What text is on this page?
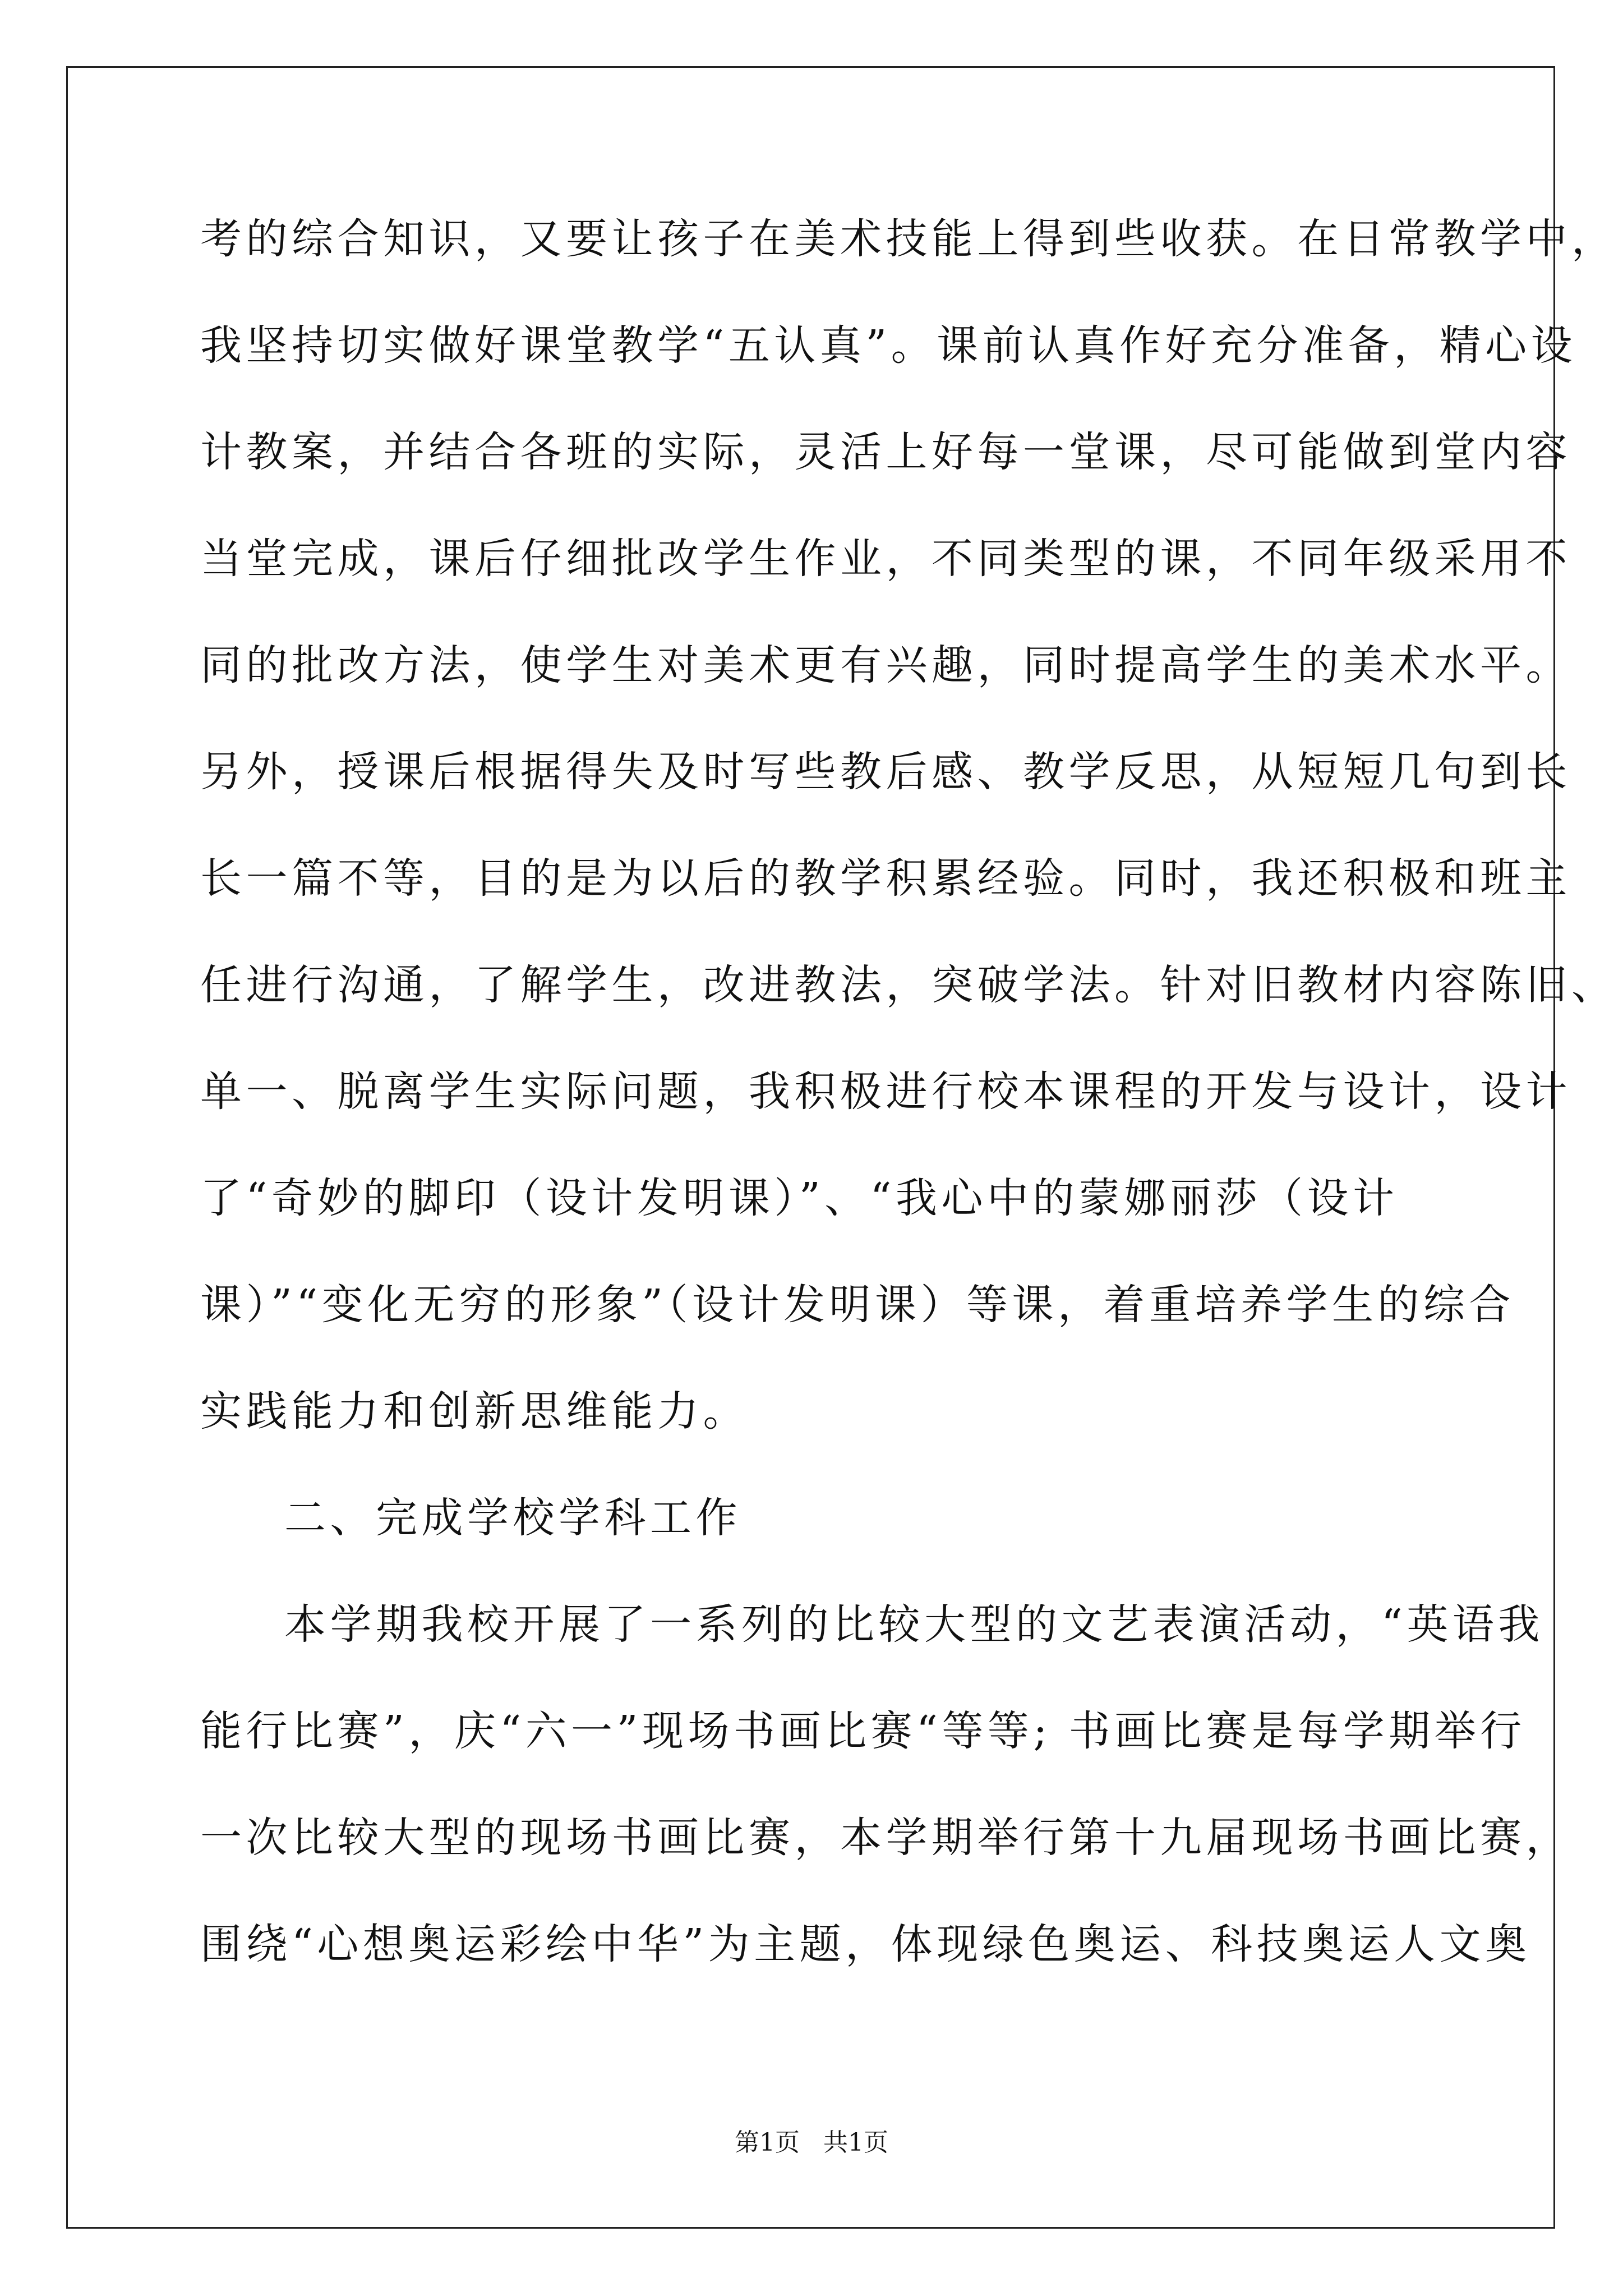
考的综合知识，又要让孩子在美术技能上得到些收获。在日常教学中，
我坚持切实做好课堂教学“五认真”。课前认真作好充分准备，精心设
计教案，并结合各班的实际，灵活上好每一堂课，尽可能做到堂内容
当堂完成，课后仔细批改学生作业，不同类型的课，不同年级采用不
同的批改方法，使学生对美术更有兴趣，同时提高学生的美术水平。
另外，授课后根据得失及时写些教后感、教学反思，从短短几句到长
长一篇不等，目的是为以后的教学积累经验。同时，我还积极和班主
任进行沟通，了解学生，改进教法，突破学法。针对旧教材内容陈旧、
单一、脱离学生实际问题，我积极进行校本课程的开发与设计，设计
了“奇妙的脚印（设计发明课）”、“我心中的蒙娜丽莎（设计
课）”“变化无穷的形象”（设计发明课）等课，着重培养学生的综合
实践能力和创新思维能力。
二、完成学校学科工作
本学期我校开展了一系列的比较大型的文艺表演活动，“英语我
能行比赛”，庆“六一”现场书画比赛“等等; 书画比赛是每学期举行
一次比较大型的现场书画比赛，本学期举行第十九届现场书画比赛，
围绕“心想奥运彩绘中华”为主题，体现绿色奥运、科技奥运人文奥
第1页   共1页
